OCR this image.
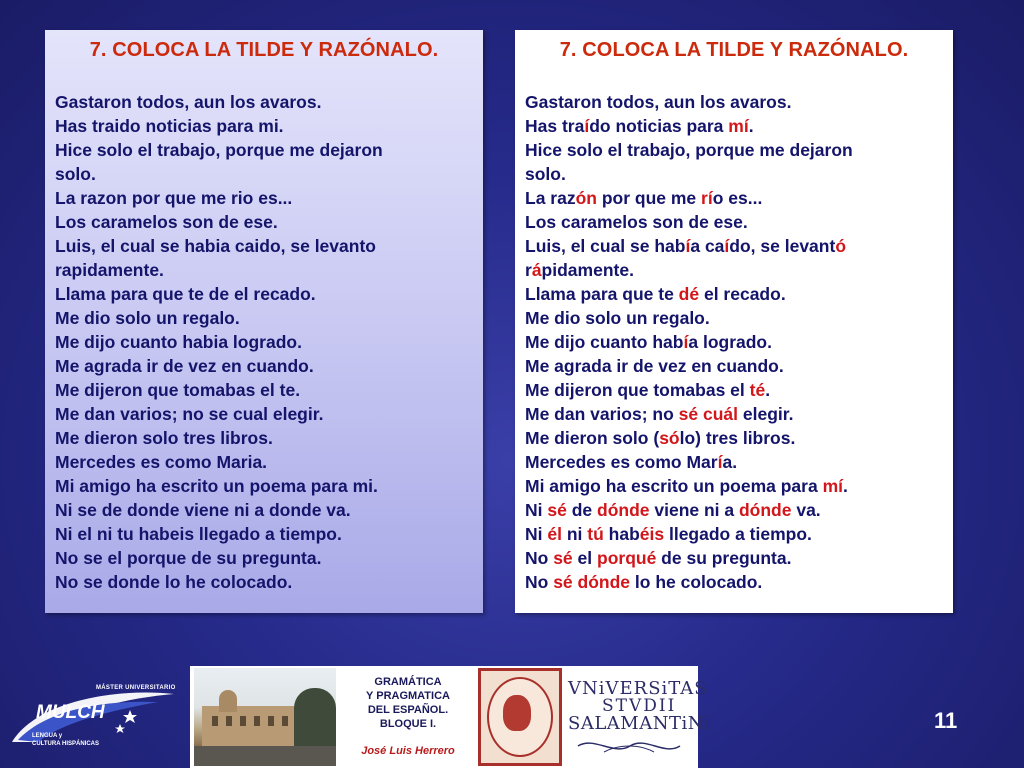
7. COLOCA LA TILDE Y RAZÓNALO.
Gastaron todos, aun los avaros.
Has traido noticias para mi.
Hice solo el trabajo, porque me dejaron
solo.
La razon por que me rio es...
Los caramelos son de ese.
Luis, el cual se habia caido, se levanto
rapidamente.
Llama para que te de el recado.
Me dio solo un regalo.
Me dijo cuanto habia logrado.
Me agrada ir de vez en cuando.
Me dijeron que tomabas el te.
Me dan varios; no se cual elegir.
Me dieron solo tres libros.
Mercedes es como Maria.
Mi amigo ha escrito un poema para mi.
Ni se de donde viene ni a donde va.
Ni el ni tu habeis llegado a tiempo.
No se el porque de su pregunta.
No se donde lo he colocado.
7. COLOCA LA TILDE Y RAZÓNALO.
Gastaron todos, aun los avaros.
Has traído noticias para mí.
Hice solo el trabajo, porque me dejaron
solo.
La razón por que me río es...
Los caramelos son de ese.
Luis, el cual se había caído, se levantó
rápidamente.
Llama para que te dé el recado.
Me dio solo un regalo.
Me dijo cuanto había logrado.
Me agrada ir de vez en cuando.
Me dijeron que tomabas el té.
Me dan varios; no sé cuál elegir.
Me dieron solo (sólo) tres libros.
Mercedes es como María.
Mi amigo ha escrito un poema para mí.
Ni sé de dónde viene ni a dónde va.
Ni él ni tú habéis llegado a tiempo.
No sé el porqué de su pregunta.
No sé dónde lo he colocado.
MÁSTER UNIVERSITARIO
MULCH
LENGUA y
CULTURA HISPÁNICAS
GRAMÁTICA
Y PRAGMATICA
DEL ESPAÑOL.
BLOQUE I.
José Luis Herrero
VNiVERSiTAS
STVDII
SALAMANTiNi	11
